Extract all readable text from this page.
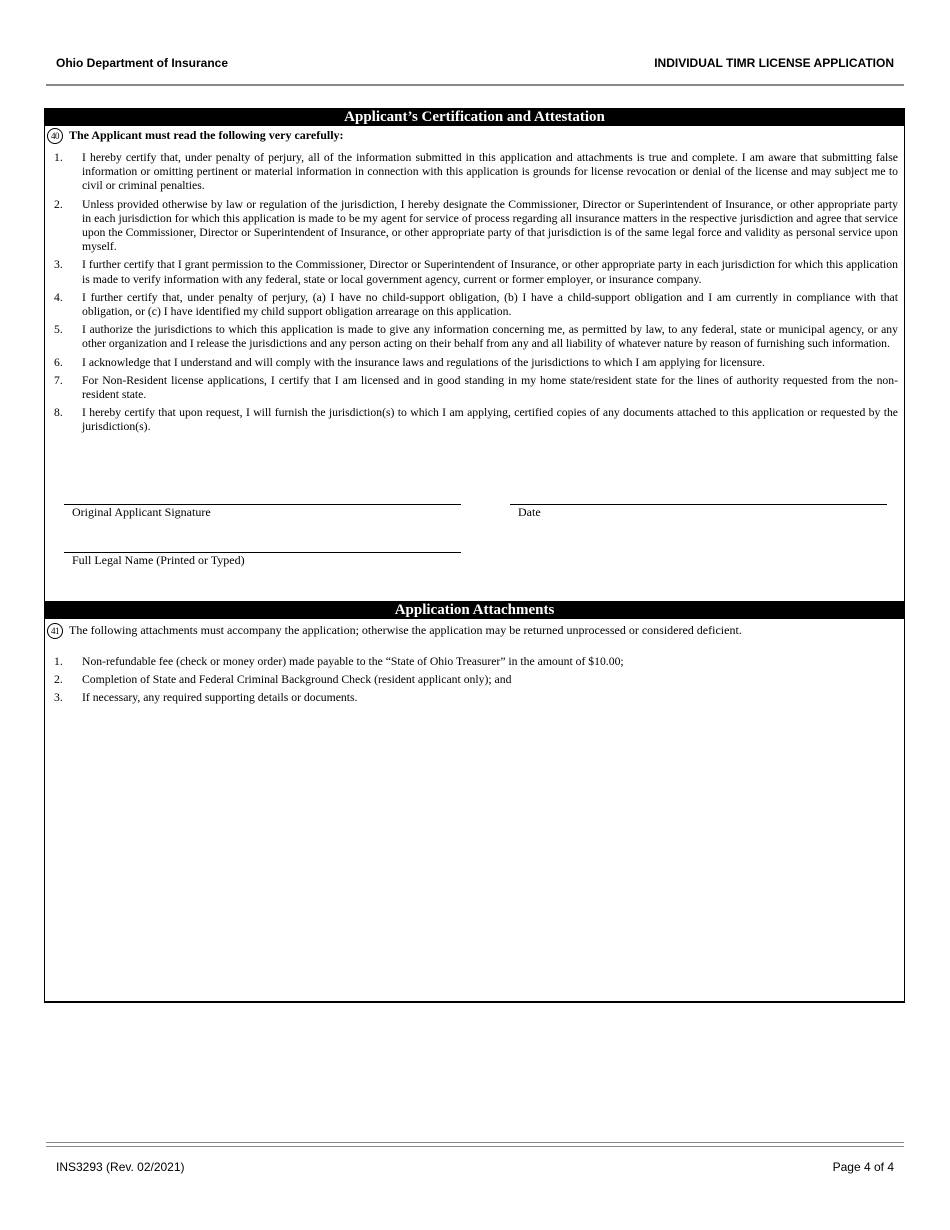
Ohio Department of Insurance	INDIVIDUAL TIMR LICENSE APPLICATION
Applicant’s Certification and Attestation
40 The Applicant must read the following very carefully:
1.	I hereby certify that, under penalty of perjury, all of the information submitted in this application and attachments is true and complete. I am aware that submitting false information or omitting pertinent or material information in connection with this application is grounds for license revocation or denial of the license and may subject me to civil or criminal penalties.
2.	Unless provided otherwise by law or regulation of the jurisdiction, I hereby designate the Commissioner, Director or Superintendent of Insurance, or other appropriate party in each jurisdiction for which this application is made to be my agent for service of process regarding all insurance matters in the respective jurisdiction and agree that service upon the Commissioner, Director or Superintendent of Insurance, or other appropriate party of that jurisdiction is of the same legal force and validity as personal service upon myself.
3.	I further certify that I grant permission to the Commissioner, Director or Superintendent of Insurance, or other appropriate party in each jurisdiction for which this application is made to verify information with any federal, state or local government agency, current or former employer, or insurance company.
4.	I further certify that, under penalty of perjury, (a) I have no child-support obligation, (b) I have a child-support obligation and I am currently in compliance with that obligation, or (c) I have identified my child support obligation arrearage on this application.
5.	I authorize the jurisdictions to which this application is made to give any information concerning me, as permitted by law, to any federal, state or municipal agency, or any other organization and I release the jurisdictions and any person acting on their behalf from any and all liability of whatever nature by reason of furnishing such information.
6.	I acknowledge that I understand and will comply with the insurance laws and regulations of the jurisdictions to which I am applying for licensure.
7.	For Non-Resident license applications, I certify that I am licensed and in good standing in my home state/resident state for the lines of authority requested from the non-resident state.
8.	I hereby certify that upon request, I will furnish the jurisdiction(s) to which I am applying, certified copies of any documents attached to this application or requested by the jurisdiction(s).
Original Applicant Signature	Date
Full Legal Name (Printed or Typed)
Application Attachments
41 The following attachments must accompany the application; otherwise the application may be returned unprocessed or considered deficient.
1.	Non-refundable fee (check or money order) made payable to the “State of Ohio Treasurer” in the amount of $10.00;
2.	Completion of State and Federal Criminal Background Check (resident applicant only); and
3.	If necessary, any required supporting details or documents.
INS3293 (Rev. 02/2021)	Page 4 of 4
